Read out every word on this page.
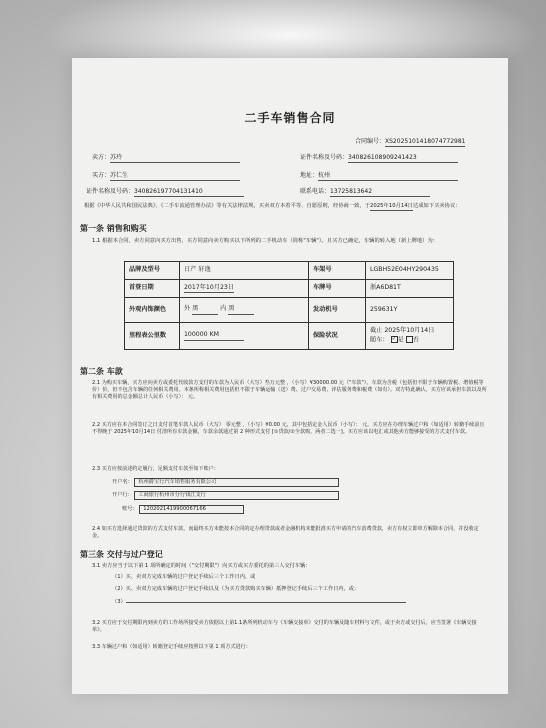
二手车销售合同
合同编号：XS2025101418074772981
卖方：苏玲	证件名称及号码：340826108909241423
买方：苏仁生	地址：杭州
证件名称及号码：340826197704131410	联系电话：13725813642
根据《中华人民共和国民法典》、《二手车流通管理办法》等有关法律法规，买卖双方本着平等、自愿原则，经协商一致，于2025年10月14日达成如下买卖协议：
第一条 销售和购买
1.1 根据本合同，卖方同意向买方出售、买方同意向卖方购买以下所列的二手机动车（简称"车辆"）。且买方已确定，车辆的转入地（新上牌地）为：
品牌及型号	日产 轩逸	车架号	LGBH52E04HY290435
首登日期	2017年10月23日	车牌号	浙A6D81T
外观内饰颜色	外 黑 内 黑	发动机号	259631Y
里程表公里数	100000 KM	保险状况	截止 2025年10月14日
随车： ✓是 否
第二条 车款
2.1 为购买车辆，买方应向卖方或委托代收款方支付的车款为人民币（大写）叁万元整 ，（小写）¥30000.00 元（"车款"）。车款为含税（包括但不限于车辆购置税、增值税等价）价，但不包含车辆的任何相关费用。本条所称相关费用包括但不限于车辆运输（送）费、过户交易费、评估服务费和税费（如有）。双方特此确认，买方应该承担车款以及所有相关费用的总金额总计人民币（小写）： 元。
2.2 买方应在本合同签订之日支付首笔车款人民币（大写） 零元整 ，（小写）¥0.00 元，其中包括定金人民币（小写）： 元。买方应在办理车辆过户和（如适用）转籍手续前且不得晚于 2025年10月14日 付清所有车款金额，车款余款通过第 2 种形式支付 [①贷款/②全款购，两者二选一]。买方应该以电汇或其他卖方能够接受的方式支付车款。
2.3 买方应按前述约定履行，足额支付车款至如下账户：
开户名： 杭州爵宝行汽车销售服务有限公司
开户行： 工商银行杭州市分行钱江支行
账号： 1202021419900067166
2.4 如买方选择通过贷款的方式支付车款，而最终买方未能按本合同的定办理贷款或者金融机构未能批准买方申请的汽车消费贷款，卖方有权立即单方解除本合同，并没收定金。
第三条 交付与过户登记
3.1 卖方应当于以下第 1 项所确定的时间（"交付期限"）向买方或买方委托的第三人交付车辆：
（1）买、卖双方完成车辆的过户登记手续后三个工作日内，或
（2）买、卖双方完成车辆的过户登记手续以及（为买方贷款购买车辆）抵押登记手续后三个工作日内，或：
（3）
3.2 买方应于交付期限内到卖方的工作场所接受卖方依据以上第1.1条所列机动车与《车辆交接单》交付的车辆及随车材料与文件，或于卖方或交付后，应当签署《车辆交接单》。
3.3 车辆过户和（如适用）转籍登记手续应按照以下第 1 项方式进行：
